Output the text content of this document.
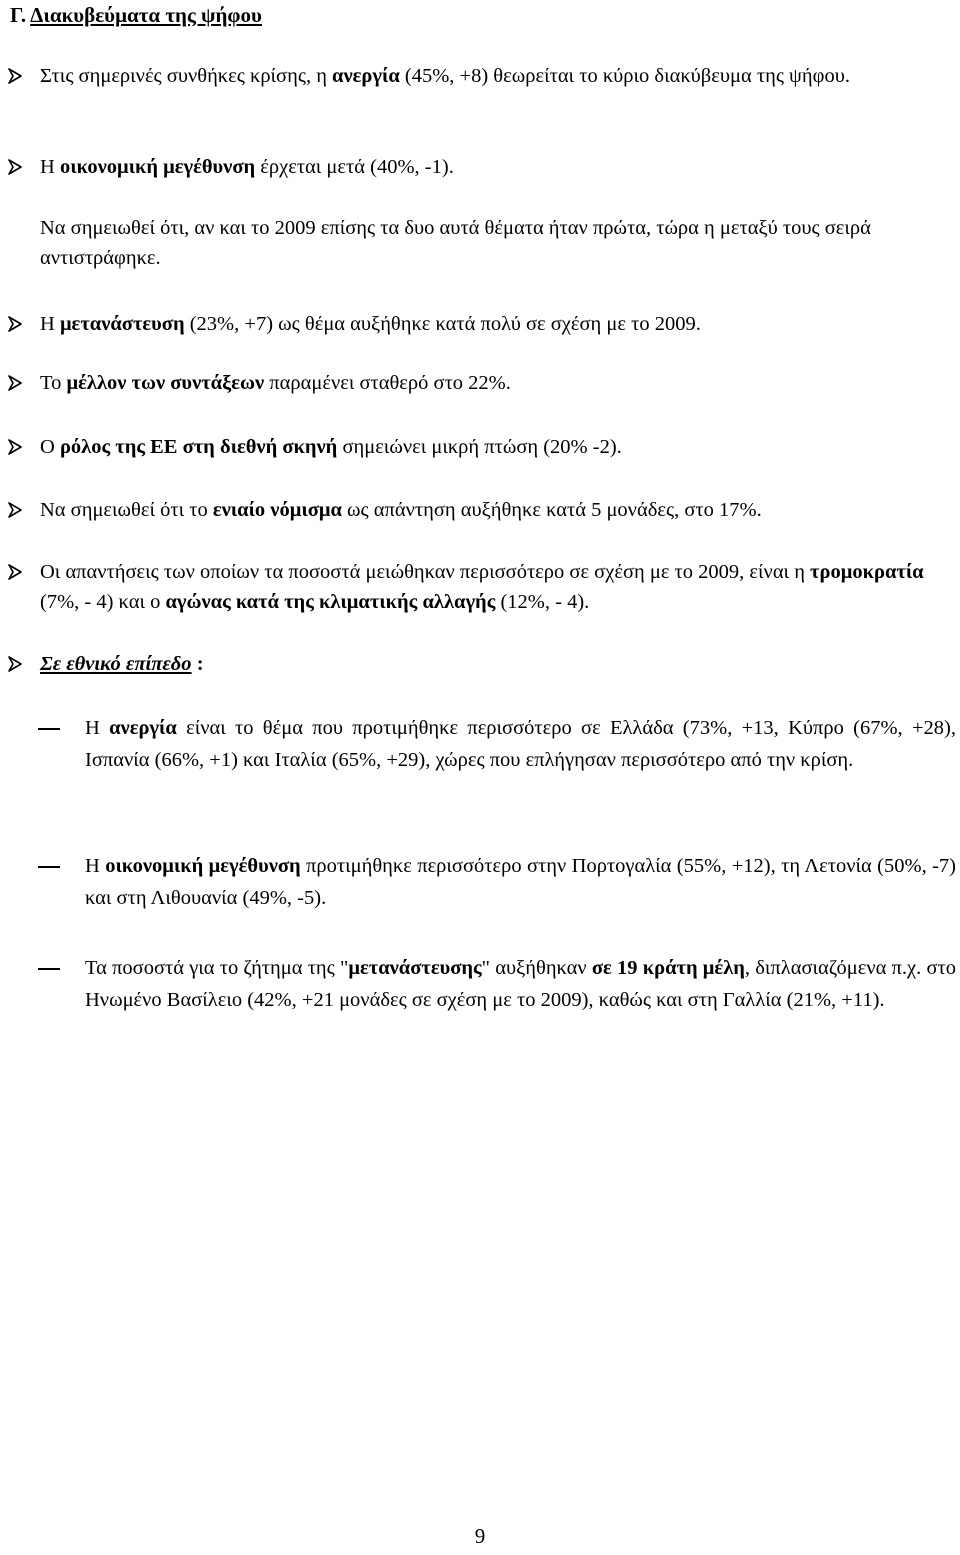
Γ. Διακυβεύματα της ψήφου
Στις σημερινές συνθήκες κρίσης, η ανεργία (45%, +8) θεωρείται το κύριο διακύβευμα της ψήφου.
Η οικονομική μεγέθυνση έρχεται μετά (40%, -1).
Να σημειωθεί ότι, αν και το 2009 επίσης τα δυο αυτά θέματα ήταν πρώτα, τώρα η μεταξύ τους σειρά αντιστράφηκε.
Η μετανάστευση (23%, +7) ως θέμα αυξήθηκε κατά πολύ σε σχέση με το 2009.
Το μέλλον των συντάξεων παραμένει σταθερό στο 22%.
Ο ρόλος της ΕΕ στη διεθνή σκηνή σημειώνει μικρή πτώση (20% -2).
Να σημειωθεί ότι το ενιαίο νόμισμα ως απάντηση αυξήθηκε κατά 5 μονάδες, στο 17%.
Οι απαντήσεις των οποίων τα ποσοστά μειώθηκαν περισσότερο σε σχέση με το 2009, είναι η τρομοκρατία (7%, - 4) και ο αγώνας κατά της κλιματικής αλλαγής (12%, - 4).
Σε εθνικό επίπεδο :
Η ανεργία είναι το θέμα που προτιμήθηκε περισσότερο σε Ελλάδα (73%, +13, Κύπρο (67%, +28), Ισπανία (66%, +1) και Ιταλία (65%, +29), χώρες που επλήγησαν περισσότερο από την κρίση.
Η οικονομική μεγέθυνση προτιμήθηκε περισσότερο στην Πορτογαλία (55%, +12), τη Λετονία (50%, -7) και στη Λιθουανία (49%, -5).
Τα ποσοστά για το ζήτημα της "μετανάστευσης" αυξήθηκαν σε 19 κράτη μέλη, διπλασιαζόμενα π.χ. στο Ηνωμένο Βασίλειο (42%, +21 μονάδες σε σχέση με το 2009), καθώς και στη Γαλλία (21%, +11).
9
